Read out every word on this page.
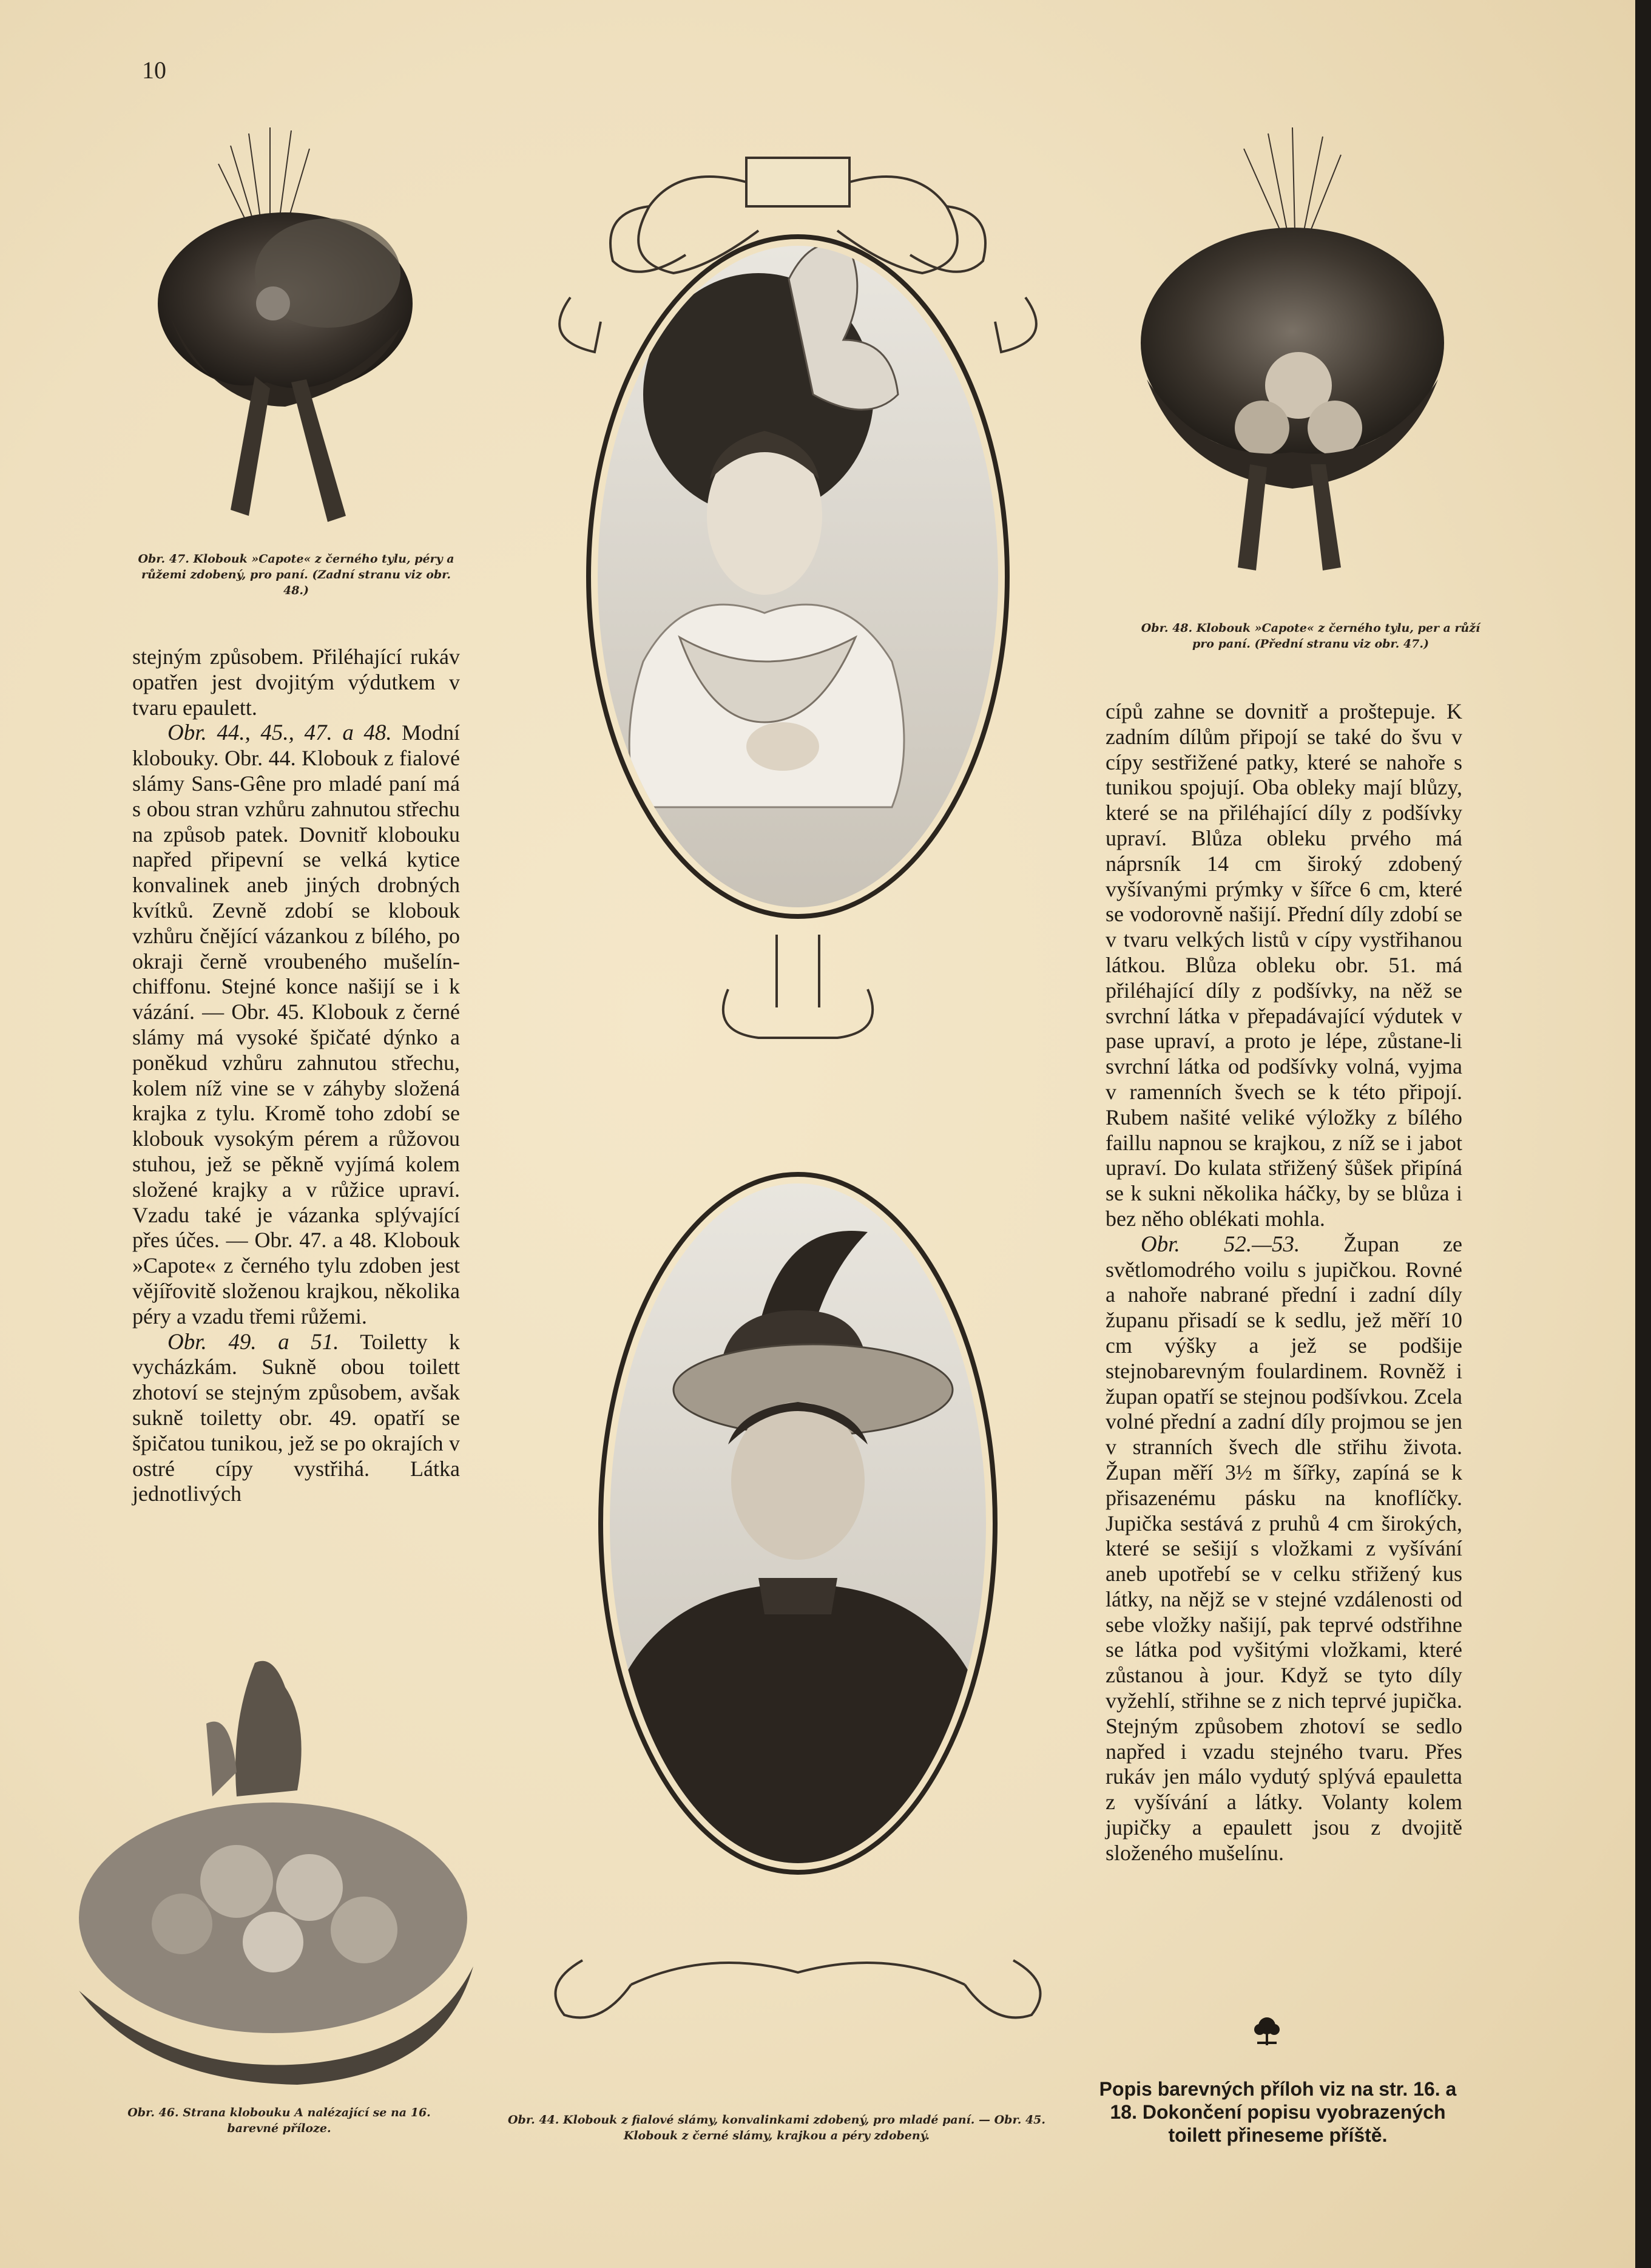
10
Obr. 47. Klobouk »Capote« z černého tylu, péry a růžemi zdobený, pro paní. (Zadní stranu viz obr. 48.)
Obr. 48. Klobouk »Capote« z černého tylu, per a růží pro paní. (Přední stranu viz obr. 47.)

stejným způsobem. Přiléhající rukáv opatřen jest dvojitým výdutkem v tvaru epaulett.

Obr. 44., 45., 47. a 48. Modní klobouky. Obr. 44. Klobouk z fialové slámy Sans-Gêne pro mladé paní má s obou stran vzhůru zahnutou střechu na způsob patek. Dovnitř klobouku napřed připevní se velká kytice konvalinek aneb jiných drobných kvítků. Zevně zdobí se klobouk vzhůru čnějící vázankou z bílého, po okraji černě vroubeného mušelín-chiffonu. Stejné konce našijí se i k vázání. — Obr. 45. Klobouk z černé slámy má vysoké špičaté dýnko a poněkud vzhůru zahnutou střechu, kolem níž vine se v záhyby složená krajka z tylu. Kromě toho zdobí se klobouk vysokým pérem a růžovou stuhou, jež se pěkně vyjímá kolem složené krajky a v růžice upraví. Vzadu také je vázanka splývající přes účes. — Obr. 47. a 48. Klobouk »Capote« z černého tylu zdoben jest vějířovitě složenou krajkou, několika péry a vzadu třemi růžemi.

Obr. 49. a 51. Toiletty k vycházkám. Sukně obou toilett zhotoví se stejným způsobem, avšak sukně toiletty obr. 49. opatří se špičatou tunikou, jež se po okrajích v ostré cípy vystřihá. Látka jednotlivých

Obr. 46. Strana klobouku A nalézající se na 16. barevné příloze.
Obr. 44. Klobouk z fialové slámy, konvalinkami zdobený, pro mladé paní. — Obr. 45. Klobouk z černé slámy, krajkou a péry zdobený.

cípů zahne se dovnitř a proštepuje. K zadním dílům připojí se také do švu v cípy sestřižené patky, které se nahoře s tunikou spojují. Oba obleky mají blůzy, které se na přiléhající díly z podšívky upraví. Blůza obleku prvého má náprsník 14 cm široký zdobený vyšívanými prýmky v šířce 6 cm, které se vodorovně našijí. Přední díly zdobí se v tvaru velkých listů v cípy vystřihanou látkou. Blůza obleku obr. 51. má přiléhající díly z podšívky, na něž se svrchní látka v přepadávající výdutek v pase upraví, a proto je lépe, zůstane-li svrchní látka od podšívky volná, vyjma v ramenních švech se k této připojí. Rubem našité veliké výložky z bílého faillu napnou se krajkou, z níž se i jabot upraví. Do kulata střižený šůšek připíná se k sukni několika háčky, by se blůza i bez něho oblékati mohla.

Obr. 52.—53. Župan ze světlomodrého voilu s jupičkou. Rovné a nahoře nabrané přední i zadní díly županu přisadí se k sedlu, jež měří 10 cm výšky a jež se podšije stejnobarevným foulardinem. Rovněž i župan opatří se stejnou podšívkou. Zcela volné přední a zadní díly projmou se jen v stranních švech dle střihu života. Župan měří 3½ m šířky, zapíná se k přisazenému pásku na knoflíčky. Jupička sestává z pruhů 4 cm širokých, které se sešijí s vložkami z vyšívání aneb upotřebí se v celku střižený kus látky, na nějž se v stejné vzdálenosti od sebe vložky našijí, pak teprvé odstřihne se látka pod vyšitými vložkami, které zůstanou à jour. Když se tyto díly vyžehlí, střihne se z nich teprvé jupička. Stejným způsobem zhotoví se sedlo napřed i vzadu stejného tvaru. Přes rukáv jen málo vydutý splývá epauletta z vyšívání a látky. Volanty kolem jupičky a epaulett jsou z dvojitě složeného mušelínu.

Popis barevných příloh viz na str. 16. a 18. Dokončení popisu vyobrazených toilett přineseme příště.
